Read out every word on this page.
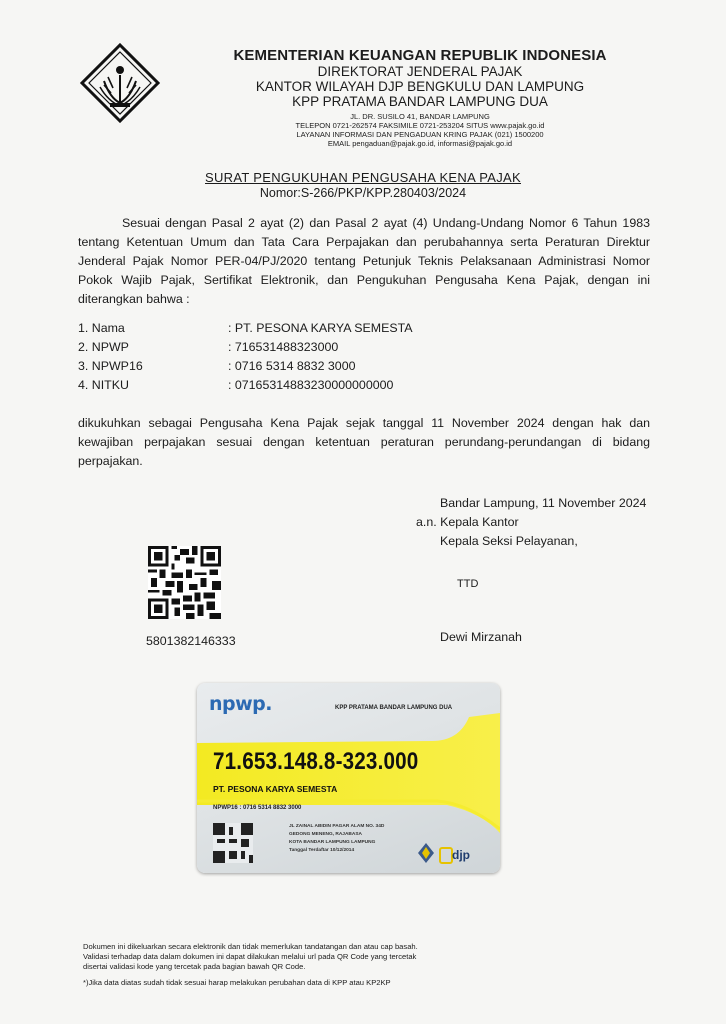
KEMENTERIAN KEUANGAN REPUBLIK INDONESIA
DIREKTORAT JENDERAL PAJAK
KANTOR WILAYAH DJP BENGKULU DAN LAMPUNG
KPP PRATAMA BANDAR LAMPUNG DUA
JL. DR. SUSILO 41, BANDAR LAMPUNG
TELEPON 0721-262574 FAKSIMILE 0721-253204 SITUS www.pajak.go.id
LAYANAN INFORMASI DAN PENGADUAN KRING PAJAK (021) 1500200
EMAIL pengaduan@pajak.go.id, informasi@pajak.go.id
SURAT PENGUKUHAN PENGUSAHA KENA PAJAK
Nomor:S-266/PKP/KPP.280403/2024
Sesuai dengan Pasal 2 ayat (2) dan Pasal 2 ayat (4) Undang-Undang Nomor 6 Tahun 1983 tentang Ketentuan Umum dan Tata Cara Perpajakan dan perubahannya serta Peraturan Direktur Jenderal Pajak Nomor PER-04/PJ/2020 tentang Petunjuk Teknis Pelaksanaan Administrasi Nomor Pokok Wajib Pajak, Sertifikat Elektronik, dan Pengukuhan Pengusaha Kena Pajak, dengan ini diterangkan bahwa :
1. Nama	: PT. PESONA KARYA SEMESTA
2. NPWP	: 716531488323000
3. NPWP16	: 0716 5314 8832 3000
4. NITKU	: 07165314883230000000000
dikukuhkan sebagai Pengusaha Kena Pajak sejak tanggal 11 November 2024 dengan hak dan kewajiban perpajakan sesuai dengan ketentuan peraturan perundang-perundangan di bidang perpajakan.
Bandar Lampung, 11 November 2024
a.n. Kepala Kantor
Kepala Seksi Pelayanan,
TTD
Dewi Mirzanah
5801382146333
npwp.	KPP PRATAMA BANDAR LAMPUNG DUA
71.653.148.8-323.000
PT. PESONA KARYA SEMESTA
NPWP16 : 0716 5314 8832 3000
JL ZAINAL ABIDIN PAGAR ALAM NO. 34D
GEDONG MENENG, RAJABASA
KOTA BANDAR LAMPUNG LAMPUNG
Tanggal Terdaftar 10/12/2014	djp
Dokumen ini dikeluarkan secara elektronik dan tidak memerlukan tandatangan dan atau cap basah.
Validasi terhadap data dalam dokumen ini dapat dilakukan melalui url pada QR Code yang tercetak
disertai validasi kode yang tercetak pada bagian bawah QR Code.
*)Jika data diatas sudah tidak sesuai harap melakukan perubahan data di KPP atau KP2KP
